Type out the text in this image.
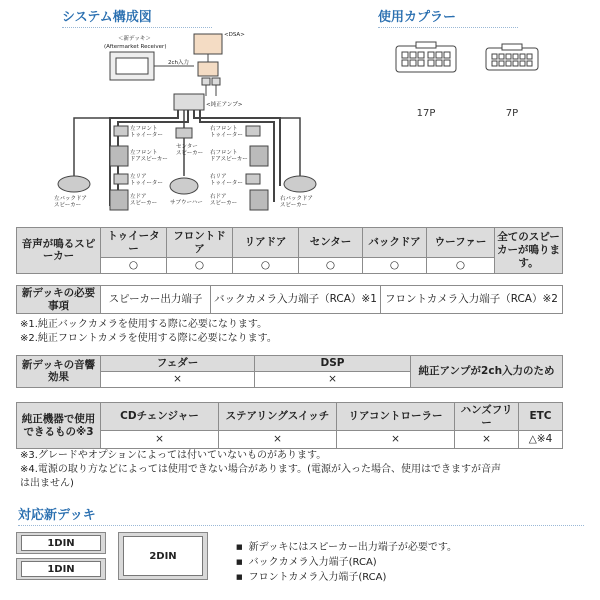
システム構成図	使用カプラー
＜新デッキ＞
(Aftermarket Receiver)
2ch入力
<DSA>
<純正アンプ>
左フロントトゥイーター
左フロントドアスピーカー
左リアトゥイーター
左ドアスピーカー
右フロントトゥイーター
右フロントドアスピーカー
右リアトゥイーター
右ドアスピーカー
センタースピーカー
サブウーハー
左バックドアスピーカー
右バックドアスピーカー
17P	7P
音声が鳴るスピーカー	トゥイーター	フロントドア	リアドア	センター	バックドア	ウーファー	全てのスピーカーが鳴ります。
	○	○	○	○	○	○	
新デッキの必要事項	スピーカー出力端子	バックカメラ入力端子（RCA）※1	フロントカメラ入力端子（RCA）※2
※1.純正バックカメラを使用する際に必要になります。
※2.純正フロントカメラを使用する際に必要になります。
新デッキの音響効果	フェダー	DSP	純正アンプが2ch入力のため
	×	×	
純正機器で使用できるもの※3	CDチェンジャー	ステアリングスイッチ	リアコントローラー	ハンズフリー	ETC
	×	×	×	×	△※4
※3.グレードやオプションによっては付いていないものがあります。
※4.電源の取り方などによっては使用できない場合があります。(電源が入った場合、使用はできますが音声
は出ません)
対応新デッキ
1DIN
1DIN
2DIN
■ 新デッキにはスピーカー出力端子が必要です。
■ バックカメラ入力端子(RCA)
■ フロントカメラ入力端子(RCA)
